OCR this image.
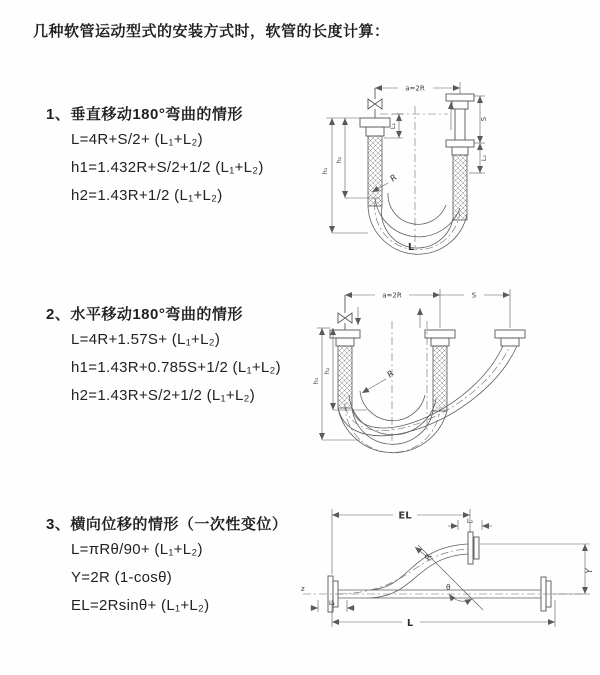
几种软管运动型式的安装方式时，软管的长度计算：
1、垂直移动180°弯曲的情形
L=4R+S/2+ (L₁+L₂)
h1=1.432R+S/2+1/2 (L₁+L₂)
h2=1.43R+1/2 (L₁+L₂)
2、水平移动180°弯曲的情形
L=4R+1.57S+ (L₁+L₂)
h1=1.43R+0.785S+1/2 (L₁+L₂)
h2=1.43R+S/2+1/2 (L₁+L₂)
3、横向位移的情形（一次性变位）
L=πRθ/90+ (L₁+L₂)
Y=2R (1-cosθ)
EL=2Rsinθ+ (L₁+L₂)
a=2R
L₁
S
L₂
h₁
h₂
R
L
a=2R	S
h₁
h₂	R
z
EL	L₂
Y
θ
R
L₁
L
